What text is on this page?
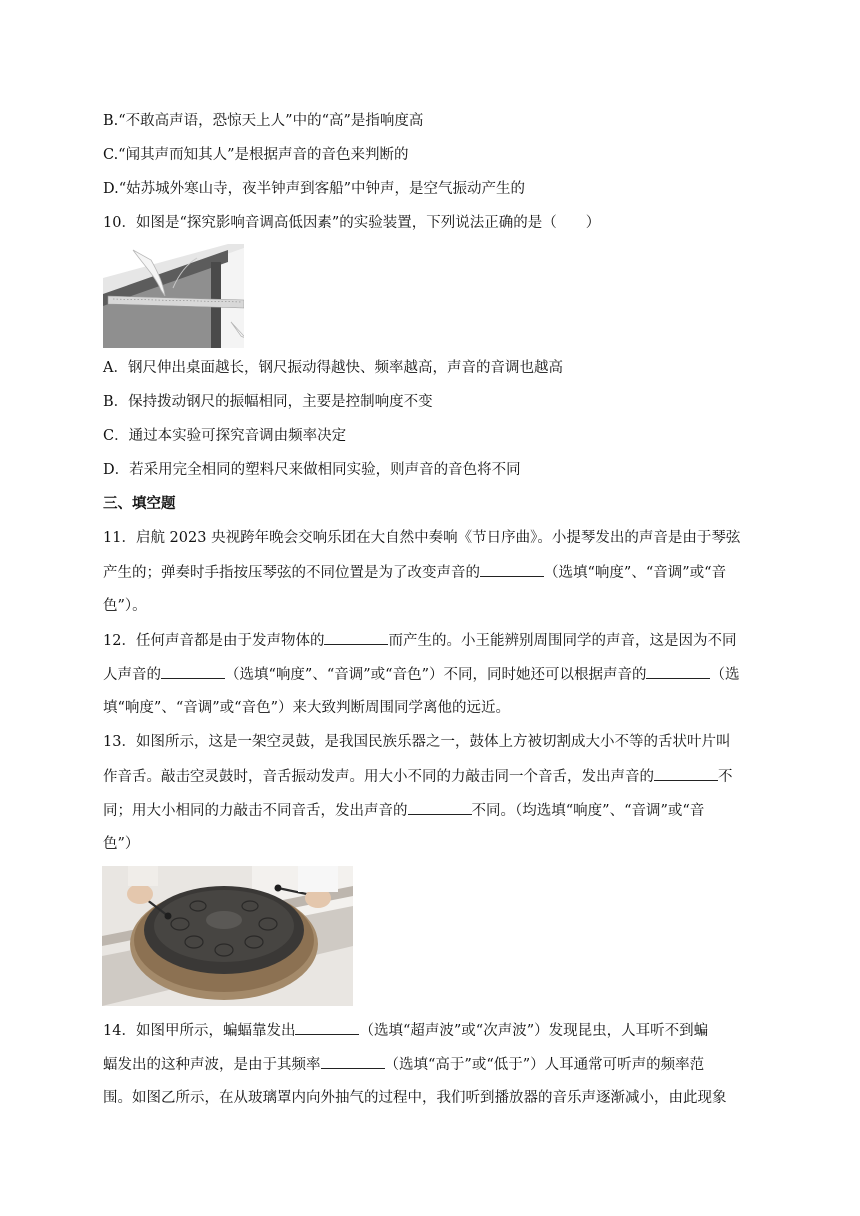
B.“不敢高声语，恐惊天上人”中的“高”是指响度高
C.“闻其声而知其人”是根据声音的音色来判断的
D.“姑苏城外寒山寺，夜半钟声到客船”中钟声，是空气振动产生的
10．如图是“探究影响音调高低因素”的实验装置，下列说法正确的是（　　）
A．钢尺伸出桌面越长，钢尺振动得越快、频率越高，声音的音调也越高
B．保持拨动钢尺的振幅相同，主要是控制响度不变
C．通过本实验可探究音调由频率决定
D．若采用完全相同的塑料尺来做相同实验，则声音的音色将不同
三、填空题
11．启航 2023 央视跨年晚会交响乐团在大自然中奏响《节日序曲》。小提琴发出的声音是由于琴弦
产生的；弹奏时手指按压琴弦的不同位置是为了改变声音的	（选填“响度”、“音调”或“音
色”）。
12．任何声音都是由于发声物体的	而产生的。小王能辨别周围同学的声音，这是因为不同
人声音的	（选填“响度”、“音调”或“音色”）不同，同时她还可以根据声音的	（选
填“响度”、“音调”或“音色”）来大致判断周围同学离他的远近。
13．如图所示，这是一架空灵鼓，是我国民族乐器之一，鼓体上方被切割成大小不等的舌状叶片叫
作音舌。敲击空灵鼓时，音舌振动发声。用大小不同的力敲击同一个音舌，发出声音的	不
同；用大小相同的力敲击不同音舌，发出声音的	不同。（均选填“响度”、“音调”或“音
色”）
14．如图甲所示，蝙蝠靠发出	（选填“超声波”或“次声波”）发现昆虫，人耳听不到蝙
蝠发出的这种声波，是由于其频率	（选填“高于”或“低于”）人耳通常可听声的频率范
围。如图乙所示，在从玻璃罩内向外抽气的过程中，我们听到播放器的音乐声逐渐减小，由此现象
